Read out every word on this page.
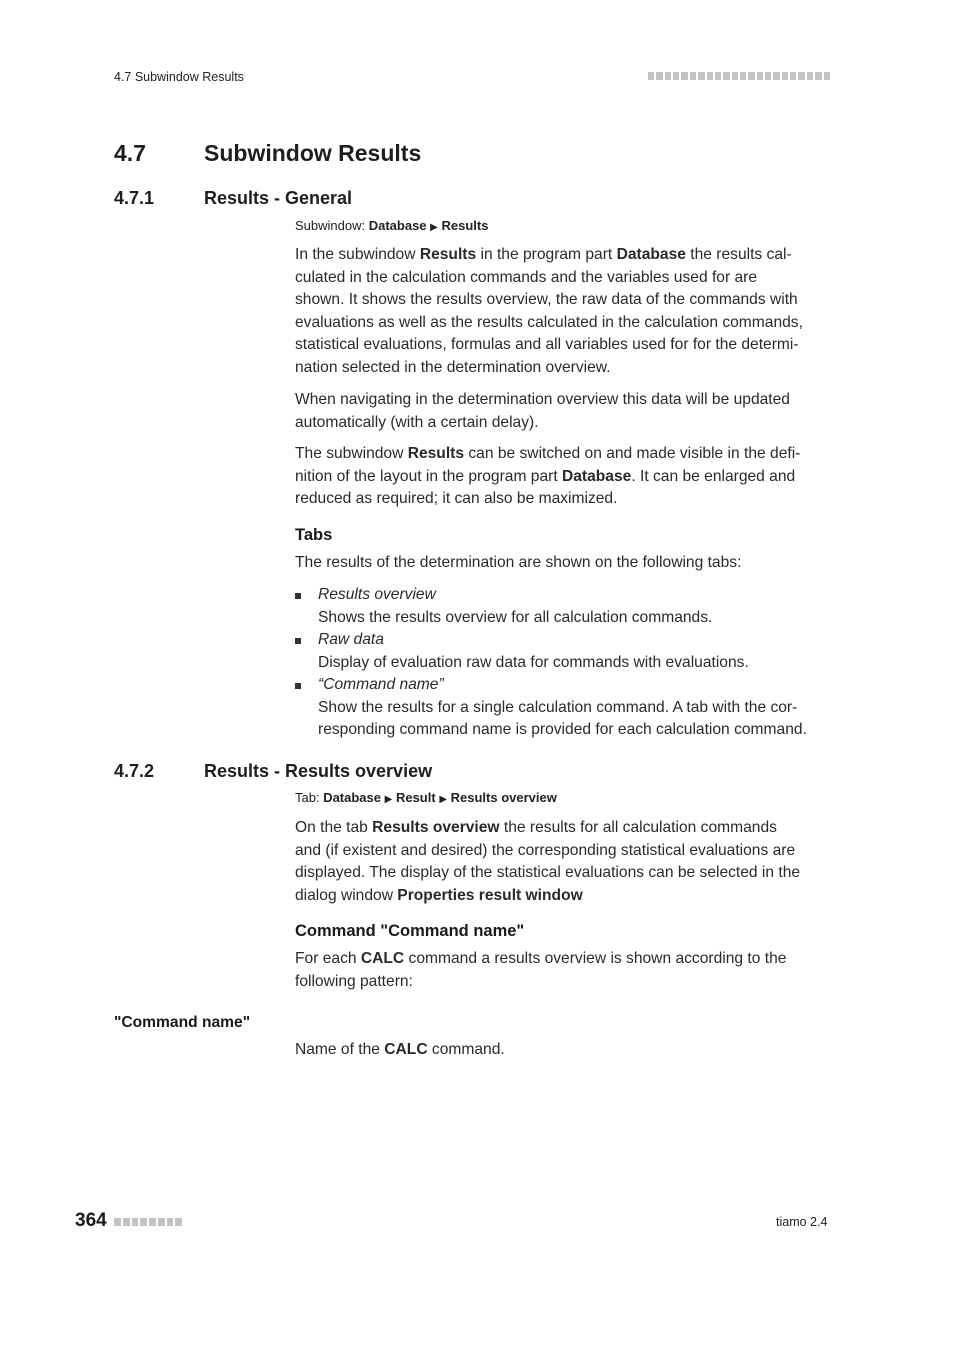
4.7 Subwindow Results
4.7	Subwindow Results
4.7.1	Results - General
Subwindow: Database ▶ Results

In the subwindow Results in the program part Database the results cal-

culated in the calculation commands and the variables used for are

shown. It shows the results overview, the raw data of the commands with

evaluations as well as the results calculated in the calculation commands,

statistical evaluations, formulas and all variables used for for the determi-

nation selected in the determination overview.

When navigating in the determination overview this data will be updated

automatically (with a certain delay).

The subwindow Results can be switched on and made visible in the defi-

nition of the layout in the program part Database. It can be enlarged and

reduced as required; it can also be maximized.

Tabs
The results of the determination are shown on the following tabs:
Results overview
Shows the results overview for all calculation commands.
Raw data
Display of evaluation raw data for commands with evaluations.
“Command name”
Show the results for a single calculation command. A tab with the cor-
responding command name is provided for each calculation command.
4.7.2	Results - Results overview
Tab: Database ▶ Result ▶ Results overview

On the tab Results overview the results for all calculation commands

and (if existent and desired) the corresponding statistical evaluations are

displayed. The display of the statistical evaluations can be selected in the

dialog window Properties result window

Command "Command name"

For each CALC command a results overview is shown according to the

following pattern:

"Command name"

Name of the CALC command.

364	tiamo 2.4
